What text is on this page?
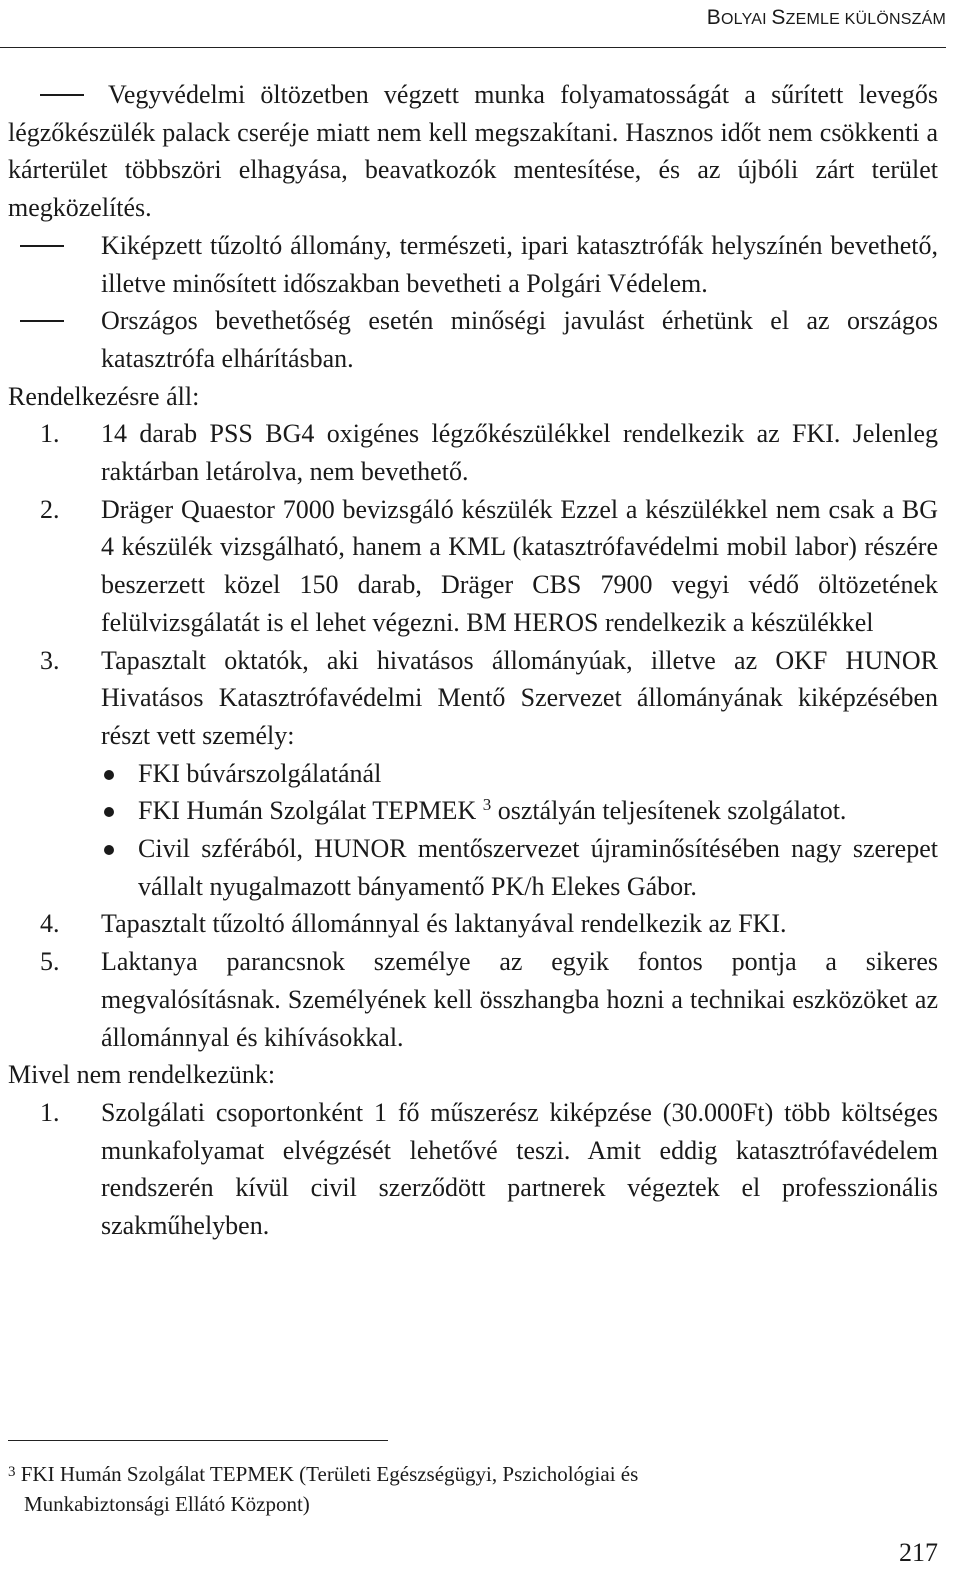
BOLYAI SZEMLE KÜLÖNSZÁM
Vegyvédelmi öltözetben végzett munka folyamatosságát a sűrített levegős légzőkészülék palack cseréje miatt nem kell megszakítani. Hasznos időt nem csökkenti a kárterület többszöri elhagyása, beavatkozók mentesítése, és az újbóli zárt terület megközelítés.
Kiképzett tűzoltó állomány, természeti, ipari katasztrófák helyszínén bevethető, illetve minősített időszakban bevetheti a Polgári Védelem.
Országos bevethetőség esetén minőségi javulást érhetünk el az országos katasztrófa elhárításban.

Rendelkezésre áll:

1. 14 darab PSS BG4 oxigénes légzőkészülékkel rendelkezik az FKI. Jelenleg raktárban letárolva, nem bevethető.
2. Dräger Quaestor 7000 bevizsgáló készülék Ezzel a készülékkel nem csak a BG 4 készülék vizsgálható, hanem a KML (katasztrófavédelmi mobil labor) részére beszerzett közel 150 darab, Dräger CBS 7900 vegyi védő öltözetének felülvizsgálatát is el lehet végezni. BM HEROS rendelkezik a készülékkel
3. Tapasztalt oktatók, aki hivatásos állományúak, illetve az OKF HUNOR Hivatásos Katasztrófavédelmi Mentő Szervezet állományának kiképzésében részt vett személy:
FKI búvárszolgálatánál
FKI Humán Szolgálat TEPMEK $^3$ osztályán teljesítenek szolgálatot.
Civil szférából, HUNOR mentőszervezet újraminősítésében nagy szerepet vállalt nyugalmazott bányamentő PK/h Elekes Gábor.
4. Tapasztalt tűzoltó állománnyal és laktanyával rendelkezik az FKI.
5. Laktanya parancsnok személye az egyik fontos pontja a sikeres megvalósításnak. Személyének kell összhangba hozni a technikai eszközöket az állománnyal és kihívásokkal.

Mivel nem rendelkezünk:

1. Szolgálati csoportonként 1 fő műszerész kiképzése (30.000Ft) több költséges munkafolyamat elvégzését lehetővé teszi. Amit eddig katasztrófavédelem rendszerén kívül civil szerződött partnerek végeztek el professzionális szakműhelyben.
$^3$ FKI Humán Szolgálat TEPMEK (Területi Egészségügyi, Pszichológiai és
Munkabiztonsági Ellátó Központ)
217
